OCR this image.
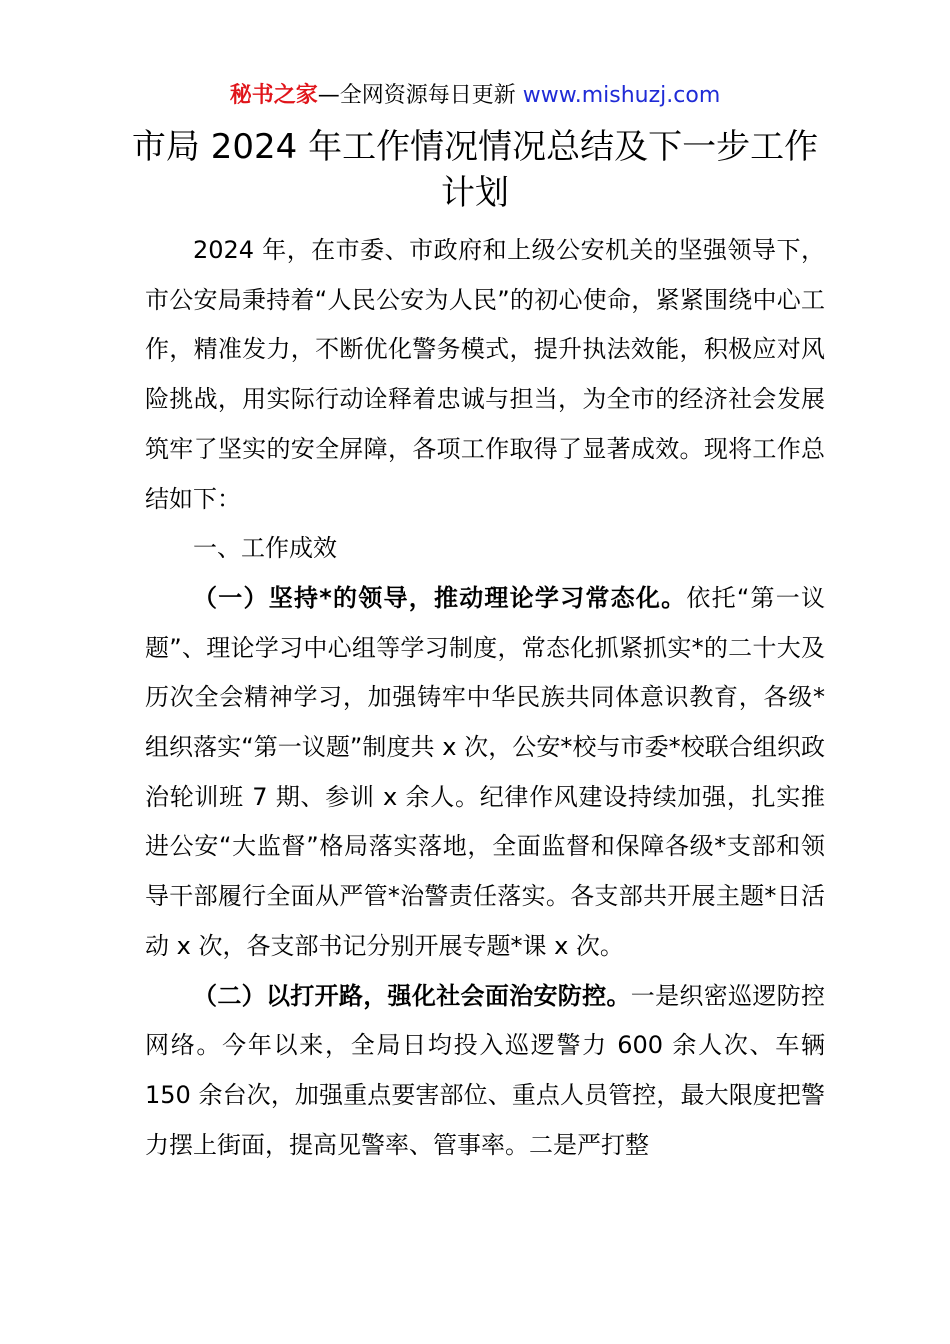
秘书之家—全网资源每日更新 www.mishuzj.com
市局 2024 年工作情况情况总结及下一步工作计划

2024 年，在市委、市政府和上级公安机关的坚强领导下，市公安局秉持着“人民公安为人民”的初心使命，紧紧围绕中心工作，精准发力，不断优化警务模式，提升执法效能，积极应对风险挑战，用实际行动诠释着忠诚与担当，为全市的经济社会发展筑牢了坚实的安全屏障，各项工作取得了显著成效。现将工作总结如下：

一、工作成效

（一）坚持*的领导，推动理论学习常态化。依托“第一议题”、理论学习中心组等学习制度，常态化抓紧抓实*的二十大及历次全会精神学习，加强铸牢中华民族共同体意识教育，各级*组织落实“第一议题”制度共 x 次，公安*校与市委*校联合组织政治轮训班 7 期、参训 x 余人。纪律作风建设持续加强，扎实推进公安“大监督”格局落实落地，全面监督和保障各级*支部和领导干部履行全面从严管*治警责任落实。各支部共开展主题*日活动 x 次，各支部书记分别开展专题*课 x 次。

（二）以打开路，强化社会面治安防控。一是织密巡逻防控网络。今年以来，全局日均投入巡逻警力 600 余人次、车辆 150 余台次，加强重点要害部位、重点人员管控，最大限度把警力摆上街面，提高见警率、管事率。二是严打整
